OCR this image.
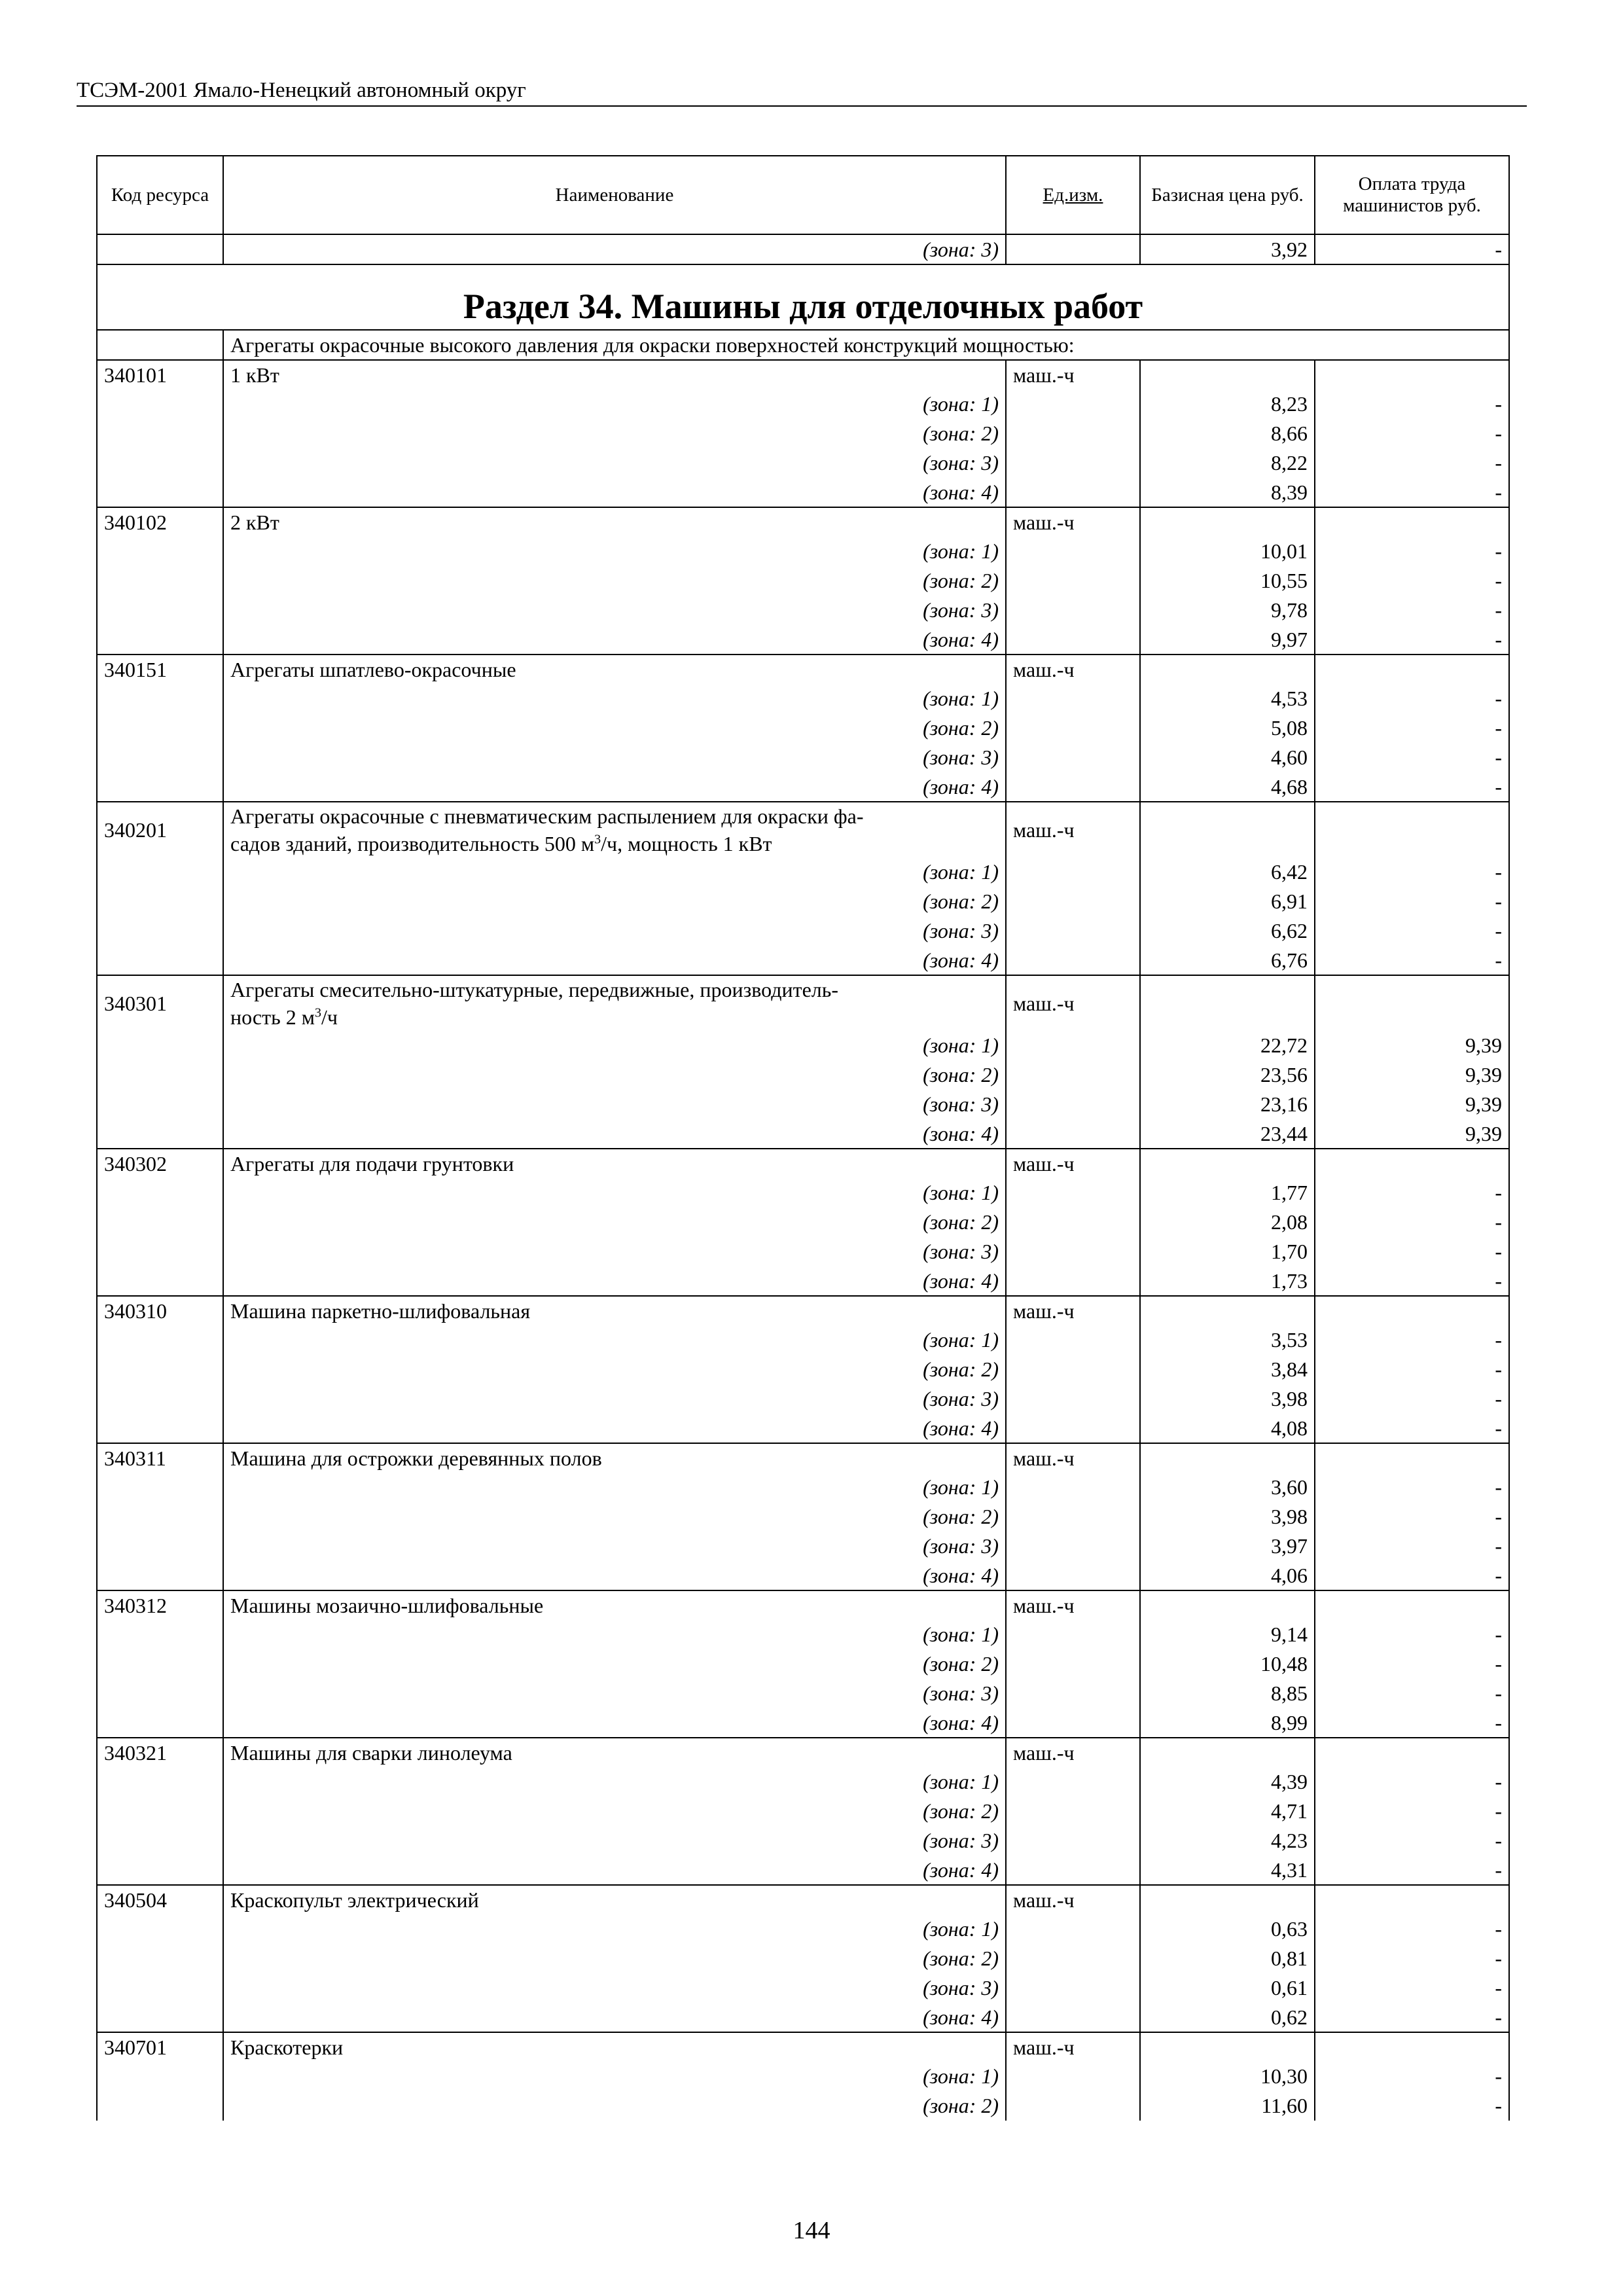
ТСЭМ-2001 Ямало-Ненецкий автономный округ
Код ресурса	Наименование	Ед.изм.	Базисная цена руб.	Оплата труда машинистов руб.
	(зона: 3)		3,92	-
Раздел 34. Машины для отделочных работ				
	Агрегаты окрасочные высокого давления для окраски поверхностей конструкций мощностью:			
340101	1 кВт	маш.-ч		
	(зона: 1)		8,23	-
	(зона: 2)		8,66	-
	(зона: 3)		8,22	-
	(зона: 4)		8,39	-
340102	2 кВт	маш.-ч		
	(зона: 1)		10,01	-
	(зона: 2)		10,55	-
	(зона: 3)		9,78	-
	(зона: 4)		9,97	-
340151	Агрегаты шпатлево-окрасочные	маш.-ч		
	(зона: 1)		4,53	-
	(зона: 2)		5,08	-
	(зона: 3)		4,60	-
	(зона: 4)		4,68	-
340201	Агрегаты окрасочные с пневматическим распылением для окраски фа-
садов зданий, производительность 500 $м^3/ч$, мощность 1 кВт	маш.-ч		
	(зона: 1)		6,42	-
	(зона: 2)		6,91	-
	(зона: 3)		6,62	-
	(зона: 4)		6,76	-
340301	Агрегаты смесительно-штукатурные, передвижные, производитель-
ность 2 $м^3/ч$	маш.-ч		
	(зона: 1)		22,72	9,39
	(зона: 2)		23,56	9,39
	(зона: 3)		23,16	9,39
	(зона: 4)		23,44	9,39
340302	Агрегаты для подачи грунтовки	маш.-ч		
	(зона: 1)		1,77	-
	(зона: 2)		2,08	-
	(зона: 3)		1,70	-
	(зона: 4)		1,73	-
340310	Машина паркетно-шлифовальная	маш.-ч		
	(зона: 1)		3,53	-
	(зона: 2)		3,84	-
	(зона: 3)		3,98	-
	(зона: 4)		4,08	-
340311	Машина для острожки деревянных полов	маш.-ч		
	(зона: 1)		3,60	-
	(зона: 2)		3,98	-
	(зона: 3)		3,97	-
	(зона: 4)		4,06	-
340312	Машины мозаично-шлифовальные	маш.-ч		
	(зона: 1)		9,14	-
	(зона: 2)		10,48	-
	(зона: 3)		8,85	-
	(зона: 4)		8,99	-
340321	Машины для сварки линолеума	маш.-ч		
	(зона: 1)		4,39	-
	(зона: 2)		4,71	-
	(зона: 3)		4,23	-
	(зона: 4)		4,31	-
340504	Краскопульт электрический	маш.-ч		
	(зона: 1)		0,63	-
	(зона: 2)		0,81	-
	(зона: 3)		0,61	-
	(зона: 4)		0,62	-
340701	Краскотерки	маш.-ч		
	(зона: 1)		10,30	-
	(зона: 2)		11,60	-
144
